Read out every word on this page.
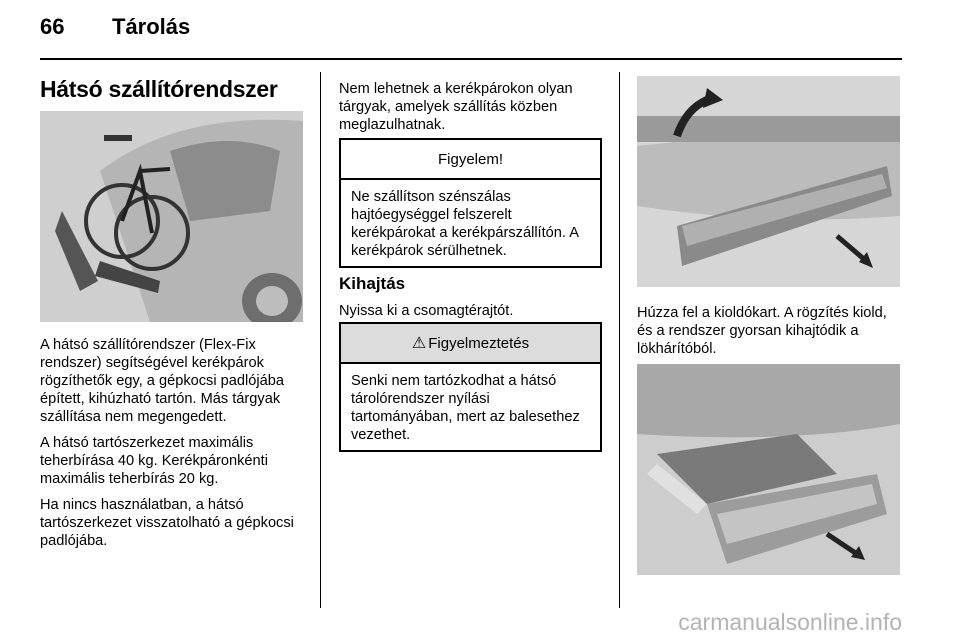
66 Tárolás
Hátsó szállítórendszer

A hátsó szállítórendszer (Flex-Fix rendszer) segítségével kerékpárok rögzíthetők egy, a gépkocsi padlójába épített, kihúzható tartón. Más tárgyak szállítása nem megengedett.

A hátsó tartószerkezet maximális teherbírása 40 kg. Kerékpáronkénti maximális teherbírás 20 kg.

Ha nincs használatban, a hátsó tartószerkezet visszatolható a gépkocsi padlójába.

Nem lehetnek a kerékpárokon olyan tárgyak, amelyek szállítás közben meglazulhatnak.

Figyelem!
Ne szállítson szénszálas hajtóegységgel felszerelt kerékpárokat a kerékpárszállítón. A kerékpárok sérülhetnek.

Kihajtás

Nyissa ki a csomagtérajtót.

⚠ Figyelmeztetés
Senki nem tartózkodhat a hátsó tárolórendszer nyílási tartományában, mert az balesethez vezethet.

Húzza fel a kioldókart. A rögzítés kiold, és a rendszer gyorsan kihajtódik a lökhárítóból.

carmanualsonline.info
